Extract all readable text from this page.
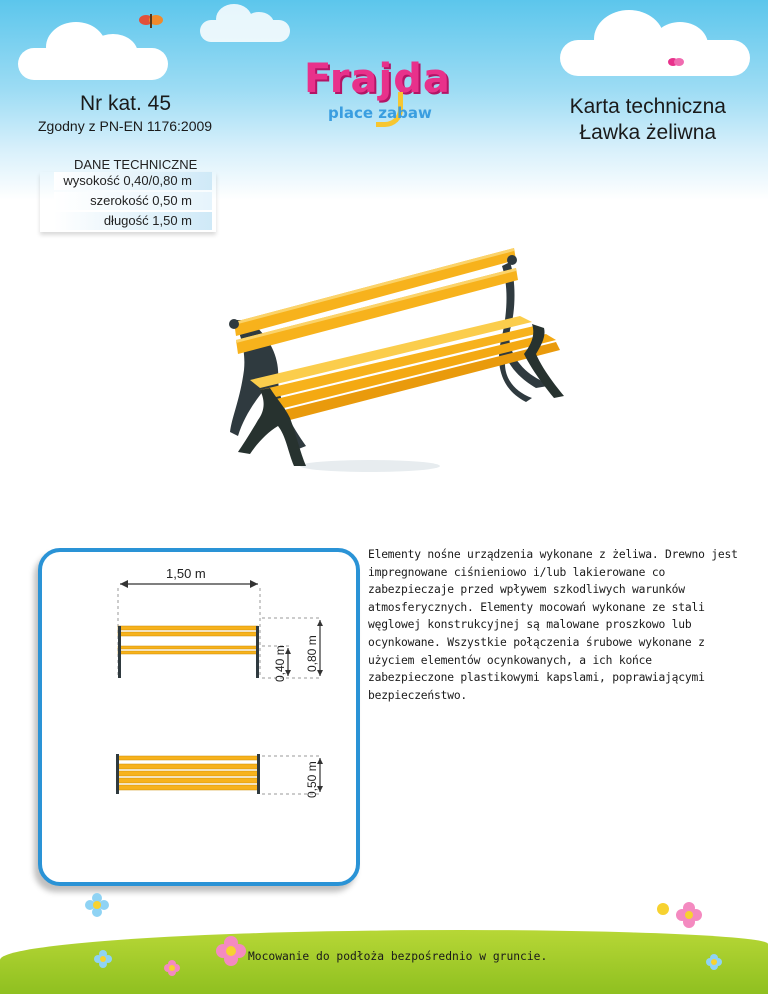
Nr kat. 45
Zgodny z PN-EN 1176:2009
Frajda
place zabaw	Karta techniczna
Ławka żeliwna
DANE TECHNICZNE
wysokość 0,40/0,80 m
szerokość 0,50 m
długość 1,50 m
1,50 m
0,40 m 0,80 m
0,50 m
Elementy nośne urządzenia wykonane z żeliwa. Drewno jest impregnowane ciśnieniowo i/lub lakierowane co zabezpieczaje przed wpływem szkodliwych warunków atmosferycznych. Elementy mocowań wykonane ze stali węglowej konstrukcyjnej są malowane proszkowo lub ocynkowane. Wszystkie połączenia śrubowe wykonane z użyciem elementów ocynkowanych, a ich końce zabezpieczone plastikowymi kapslami, poprawiającymi bezpieczeństwo.
Mocowanie do podłoża bezpośrednio w gruncie.
